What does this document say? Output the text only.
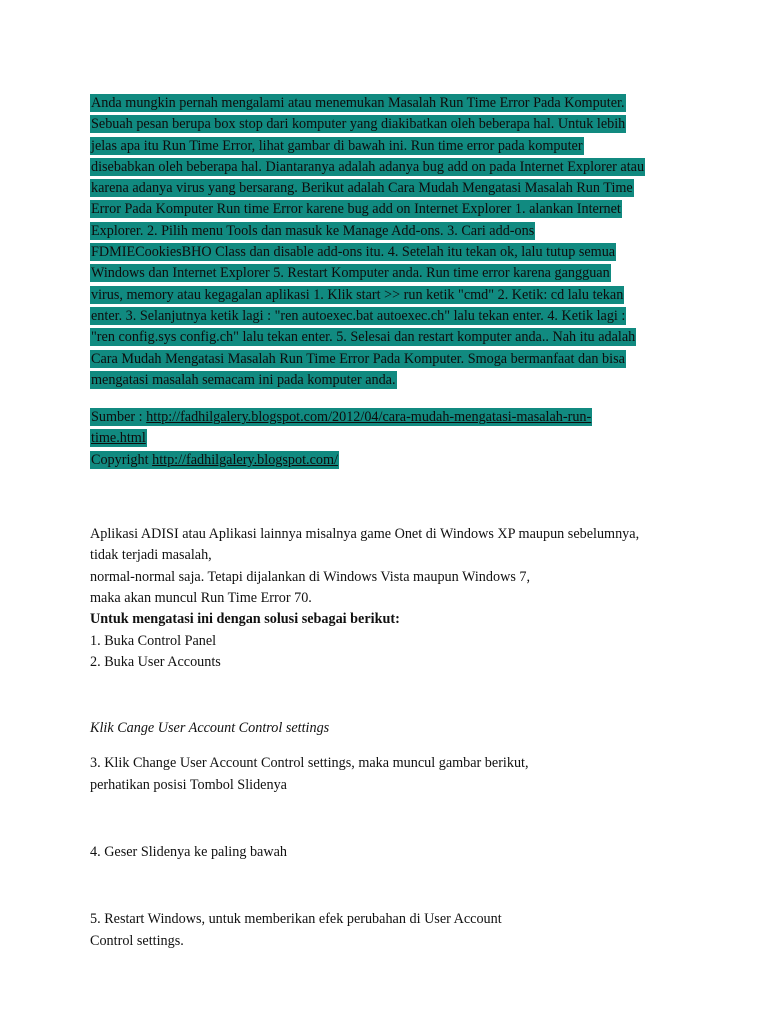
Anda mungkin pernah mengalami atau menemukan Masalah Run Time Error Pada Komputer.
Sebuah pesan berupa box stop dari komputer yang diakibatkan oleh beberapa hal. Untuk lebih
jelas apa itu Run Time Error, lihat gambar di bawah ini. Run time error pada komputer
disebabkan oleh beberapa hal. Diantaranya adalah adanya bug add on pada Internet Explorer atau
karena adanya virus yang bersarang. Berikut adalah Cara Mudah Mengatasi Masalah Run Time
Error Pada Komputer Run time Error karene bug add on Internet Explorer 1. alankan Internet
Explorer. 2. Pilih menu Tools dan masuk ke Manage Add-ons. 3. Cari add-ons
FDMIECookiesBHO Class dan disable add-ons itu. 4. Setelah itu tekan ok, lalu tutup semua
Windows dan Internet Explorer 5. Restart Komputer anda. Run time error karena gangguan
virus, memory atau kegagalan aplikasi 1. Klik start >> run ketik "cmd" 2. Ketik: cd lalu tekan
enter. 3. Selanjutnya ketik lagi : "ren autoexec.bat autoexec.ch" lalu tekan enter. 4. Ketik lagi :
"ren config.sys config.ch" lalu tekan enter. 5. Selesai dan restart komputer anda.. Nah itu adalah
Cara Mudah Mengatasi Masalah Run Time Error Pada Komputer. Smoga bermanfaat dan bisa
mengatasi masalah semacam ini pada komputer anda.

Sumber : http://fadhilgalery.blogspot.com/2012/04/cara-mudah-mengatasi-masalah-run-
time.html
Copyright http://fadhilgalery.blogspot.com/
Aplikasi ADISI atau Aplikasi lainnya misalnya game Onet di Windows XP maupun sebelumnya,
tidak terjadi masalah,
normal-normal saja. Tetapi dijalankan di Windows Vista maupun Windows 7,
maka akan muncul Run Time Error 70.
Untuk mengatasi ini dengan solusi sebagai berikut:
1. Buka Control Panel
2. Buka User Accounts
Klik Cange User Account Control settings
3. Klik Change User Account Control settings, maka muncul gambar berikut,
perhatikan posisi Tombol Slidenya
4. Geser Slidenya ke paling bawah
5. Restart Windows, untuk memberikan efek perubahan di User Account
Control settings.
